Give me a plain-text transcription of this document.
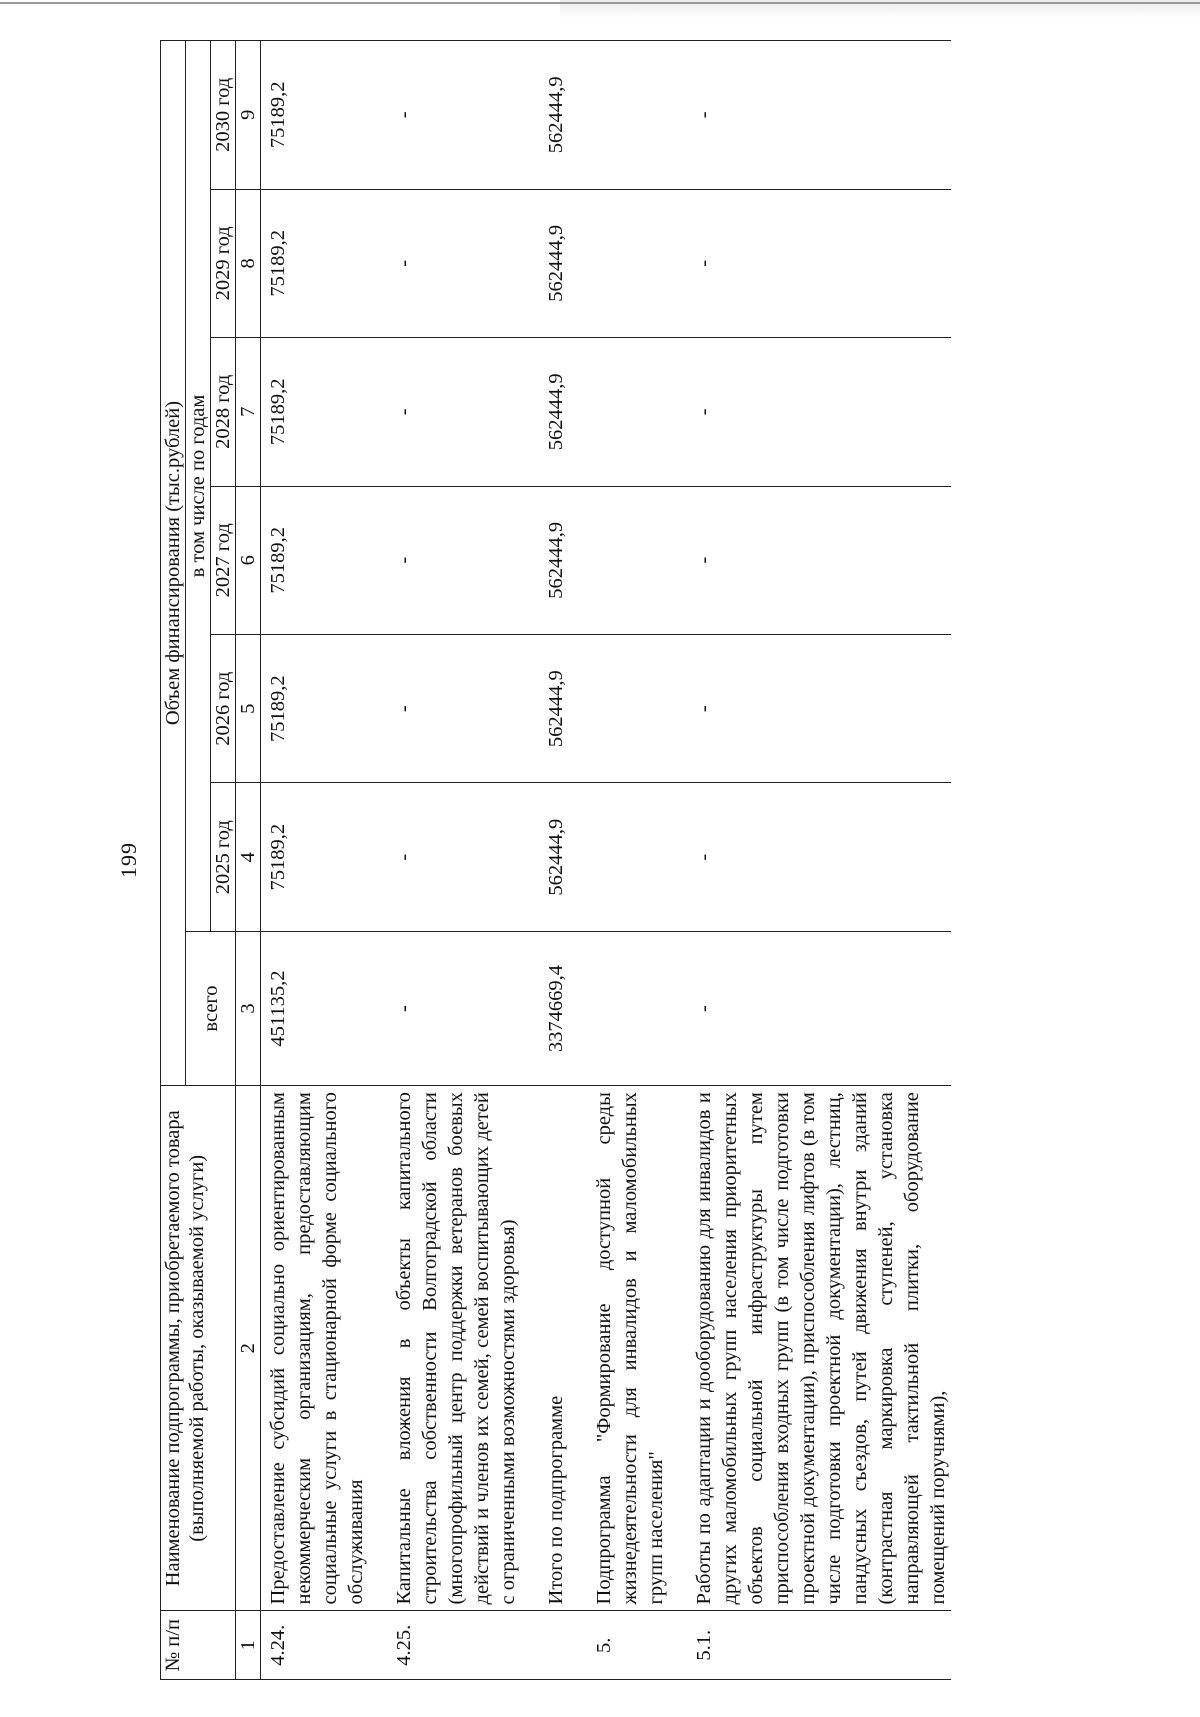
199
№ п/п	Наименование подпрограммы, приобретаемого товара (выполняемой работы, оказываемой услуги)	Объем финансирования (тыс.рублей)						
		всего	в том числе по годам					
			2025 год	2026 год	2027 год	2028 год	2029 год	2030 год
1	2	3	4	5	6	7	8	9
4.24.	Предоставление субсидий социально ориентированным некоммерческим организациям, предоставляющим социальные услуги в стационарной форме социального обслуживания	451135,2	75189,2	75189,2	75189,2	75189,2	75189,2	75189,2

4.25.	Капитальные вложения в объекты капитального строительства собственности Волгоградской области (многопрофильный центр поддержки ветеранов боевых действий и членов их семей, семей воспитывающих детей с ограниченными возможностями здоровья)	-	-	-	-	-	-	-

	Итого по подпрограмме	3374669,4	562444,9	562444,9	562444,9	562444,9	562444,9	562444,9

5.	Подпрограмма "Формирование доступной среды жизнедеятельности для инвалидов и маломобильных групп населения"							

5.1.	Работы по адаптации и дооборудованию для инвалидов и других маломобильных групп населения приоритетных объектов социальной инфраструктуры путем приспособления входных групп (в том числе подготовки проектной документации), приспособления лифтов (в том числе подготовки проектной документации), лестниц, пандусных съездов, путей движения внутри зданий (контрастная маркировка ступеней, установка направляющей тактильной плитки, оборудование помещений поручнями),	-	-	-	-	-	-	-
